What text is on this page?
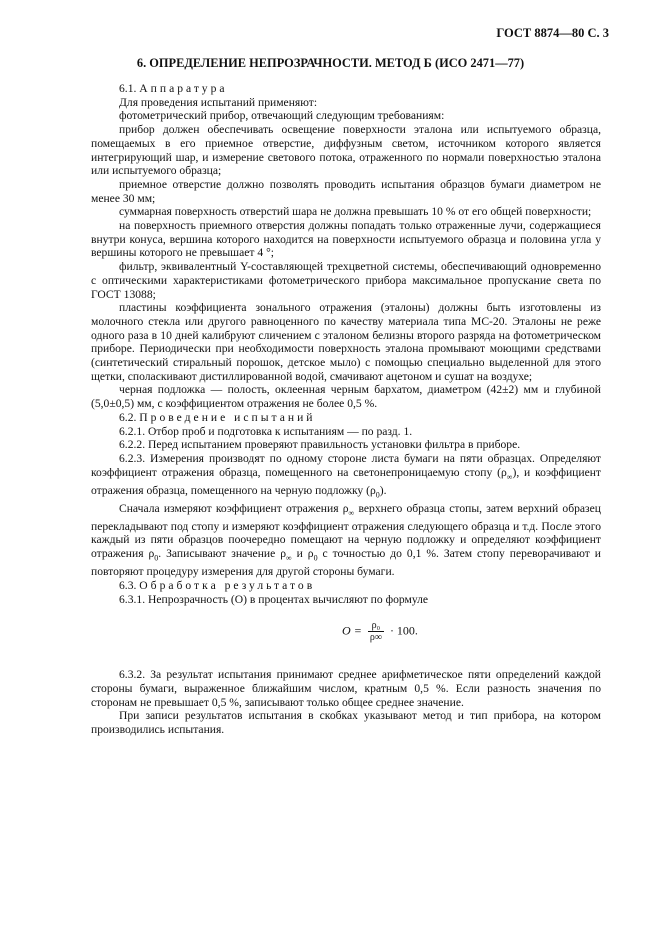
ГОСТ 8874—80 С. 3
6. ОПРЕДЕЛЕНИЕ НЕПРОЗРАЧНОСТИ. МЕТОД Б (ИСО 2471—77)

6.1. Аппаратура

Для проведения испытаний применяют:

фотометрический прибор, отвечающий следующим требованиям:

прибор должен обеспечивать освещение поверхности эталона или испытуемого образца, помещаемых в его приемное отверстие, диффузным светом, источником которого является интегрирующий шар, и измерение светового потока, отраженного по нормали поверхностью эталона или испытуемого образца;

приемное отверстие должно позволять проводить испытания образцов бумаги диаметром не менее 30 мм;

суммарная поверхность отверстий шара не должна превышать 10 % от его общей поверхности;

на поверхность приемного отверстия должны попадать только отраженные лучи, содержащиеся внутри конуса, вершина которого находится на поверхности испытуемого образца и половина угла у вершины которого не превышает 4 °;

фильтр, эквивалентный Y-составляющей трехцветной системы, обеспечивающий одновременно с оптическими характеристиками фотометрического прибора максимальное пропускание света по ГОСТ 13088;

пластины коэффициента зонального отражения (эталоны) должны быть изготовлены из молочного стекла или другого равноценного по качеству материала типа МС-20. Эталоны не реже одного раза в 10 дней калибруют сличением с эталоном белизны второго разряда на фотометрическом приборе. Периодически при необходимости поверхность эталона промывают моющими средствами (синтетический стиральный порошок, детское мыло) с помощью специально выделенной для этого щетки, споласкивают дистиллированной водой, смачивают ацетоном и сушат на воздухе;

черная подложка — полость, оклеенная черным бархатом, диаметром (42±2) мм и глубиной (5,0±0,5) мм, с коэффициентом отражения не более 0,5 %.

6.2. Проведение испытаний

6.2.1. Отбор проб и подготовка к испытаниям — по разд. 1.

6.2.2. Перед испытанием проверяют правильность установки фильтра в приборе.

6.2.3. Измерения производят по одному стороне листа бумаги на пяти образцах. Определяют коэффициент отражения образца, помещенного на светонепроницаемую стопу $(\rho_\infty)$, и коэффициент отражения образца, помещенного на черную подложку $(\rho_0)$.

Сначала измеряют коэффициент отражения $\rho_\infty$ верхнего образца стопы, затем верхний образец перекладывают под стопу и измеряют коэффициент отражения следующего образца и т.д. После этого каждый из пяти образцов поочередно помещают на черную подложку и определяют коэффициент отражения $\rho_0$. Записывают значение $\rho_\infty$ и $\rho_0$ с точностью до 0,1 %. Затем стопу переворачивают и повторяют процедуру измерения для другой стороны бумаги.

6.3. Обработка результатов

6.3.1. Непрозрачность (О) в процентах вычисляют по формуле

$O = \frac{\text{ρ₀}}{\rho\infty} \cdot 100$.

6.3.2. За результат испытания принимают среднее арифметическое пяти определений каждой стороны бумаги, выраженное ближайшим числом, кратным 0,5 %. Если разность значения по сторонам не превышает 0,5 %, записывают только общее среднее значение.

При записи результатов испытания в скобках указывают метод и тип прибора, на котором производились испытания.
